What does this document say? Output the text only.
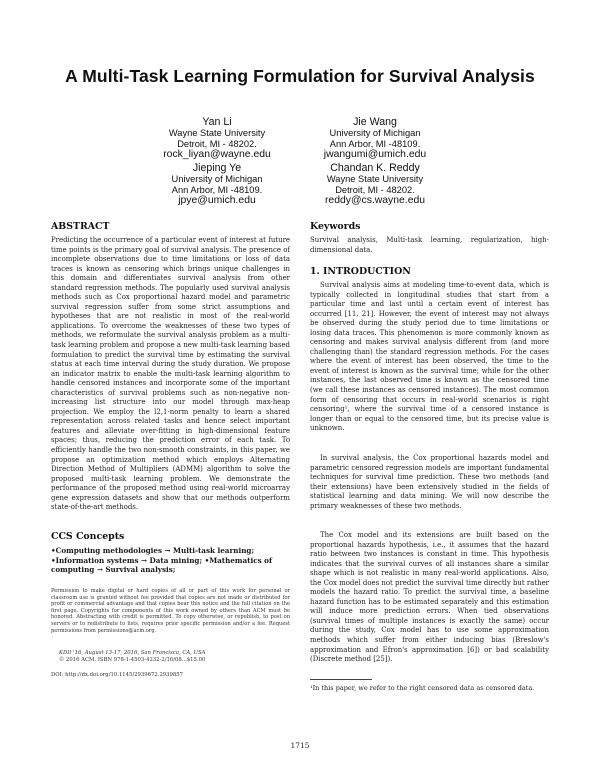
A Multi-Task Learning Formulation for Survival Analysis
Yan Li
Wayne State University
Detroit, MI - 48202.
rock_liyan@wayne.edu
Jie Wang
University of Michigan
Ann Arbor, MI -48109.
jwangumi@umich.edu
Jieping Ye
University of Michigan
Ann Arbor, MI -48109.
jpye@umich.edu
Chandan K. Reddy
Wayne State University
Detroit, MI - 48202.
reddy@cs.wayne.edu
ABSTRACT
Predicting the occurrence of a particular event of interest at future time points is the primary goal of survival analysis. The presence of incomplete observations due to time limitations or loss of data traces is known as censoring which brings unique challenges in this domain and differentiates survival analysis from other standard regression methods. The popularly used survival analysis methods such as Cox proportional hazard model and parametric survival regression suffer from some strict assumptions and hypotheses that are not realistic in most of the real-world applications. To overcome the weaknesses of these two types of methods, we reformulate the survival analysis problem as a multi-task learning problem and propose a new multi-task learning based formulation to predict the survival time by estimating the survival status at each time interval during the study duration. We propose an indicator matrix to enable the multi-task learning algorithm to handle censored instances and incorporate some of the important characteristics of survival problems such as non-negative non-increasing list structure into our model through max-heap projection. We employ the l2,1-norm penalty to learn a shared representation across related tasks and hence select important features and alleviate over-fitting in high-dimensional feature spaces; thus, reducing the prediction error of each task. To efficiently handle the two non-smooth constraints, in this paper, we propose an optimization method which employs Alternating Direction Method of Multipliers (ADMM) algorithm to solve the proposed multi-task learning problem. We demonstrate the performance of the proposed method using real-world microarray gene expression datasets and show that our methods outperform state-of-the-art methods.
CCS Concepts
•Computing methodologies → Multi-task learning; •Information systems → Data mining; •Mathematics of computing → Survival analysis;
Permission to make digital or hard copies of all or part of this work for personal or classroom use is granted without fee provided that copies are not made or distributed for profit or commercial advantage and that copies bear this notice and the full citation on the first page. Copyrights for components of this work owned by others than ACM must be honored. Abstracting with credit is permitted. To copy otherwise, or republish, to post on servers or to redistribute to lists, requires prior specific permission and/or a fee. Request permissions from permissions@acm.org.
KDD '16, August 13-17, 2016, San Francisco, CA, USA
© 2016 ACM. ISBN 978-1-4503-4232-2/16/08...$15.00
DOI: http://dx.doi.org/10.1145/2939672.2939857
Keywords
Survival analysis, Multi-task learning, regularization, high-dimensional data.
1. INTRODUCTION
Survival analysis aims at modeling time-to-event data, which is typically collected in longitudinal studies that start from a particular time and last until a certain event of interest has occurred [11, 21]. However, the event of interest may not always be observed during the study period due to time limitations or losing data traces. This phenomenon is more commonly known as censoring and makes survival analysis different from (and more challenging than) the standard regression methods. For the cases where the event of interest has been observed, the time to the event of interest is known as the survival time; while for the other instances, the last observed time is known as the censored time (we call these instances as censored instances). The most common form of censoring that occurs in real-world scenarios is right censoring¹, where the survival time of a censored instance is longer than or equal to the censored time, but its precise value is unknown.
In survival analysis, the Cox proportional hazards model and parametric censored regression models are important fundamental techniques for survival time prediction. These two methods (and their extensions) have been extensively studied in the fields of statistical learning and data mining. We will now describe the primary weaknesses of these two methods.
The Cox model and its extensions are built based on the proportional hazards hypothesis, i.e., it assumes that the hazard ratio between two instances is constant in time. This hypothesis indicates that the survival curves of all instances share a similar shape which is not realistic in many real-world applications. Also, the Cox model does not predict the survival time directly but rather models the hazard ratio. To predict the survival time, a baseline hazard function has to be estimated separately and this estimation will induce more prediction errors. When tied observations (survival times of multiple instances is exactly the same) occur during the study, Cox model has to use some approximation methods which suffer from either inducing bias (Breslow's approximation and Efron's approximation [6]) or bad scalability (Discrete method [25]).
¹In this paper, we refer to the right censored data as censored data.
1715
